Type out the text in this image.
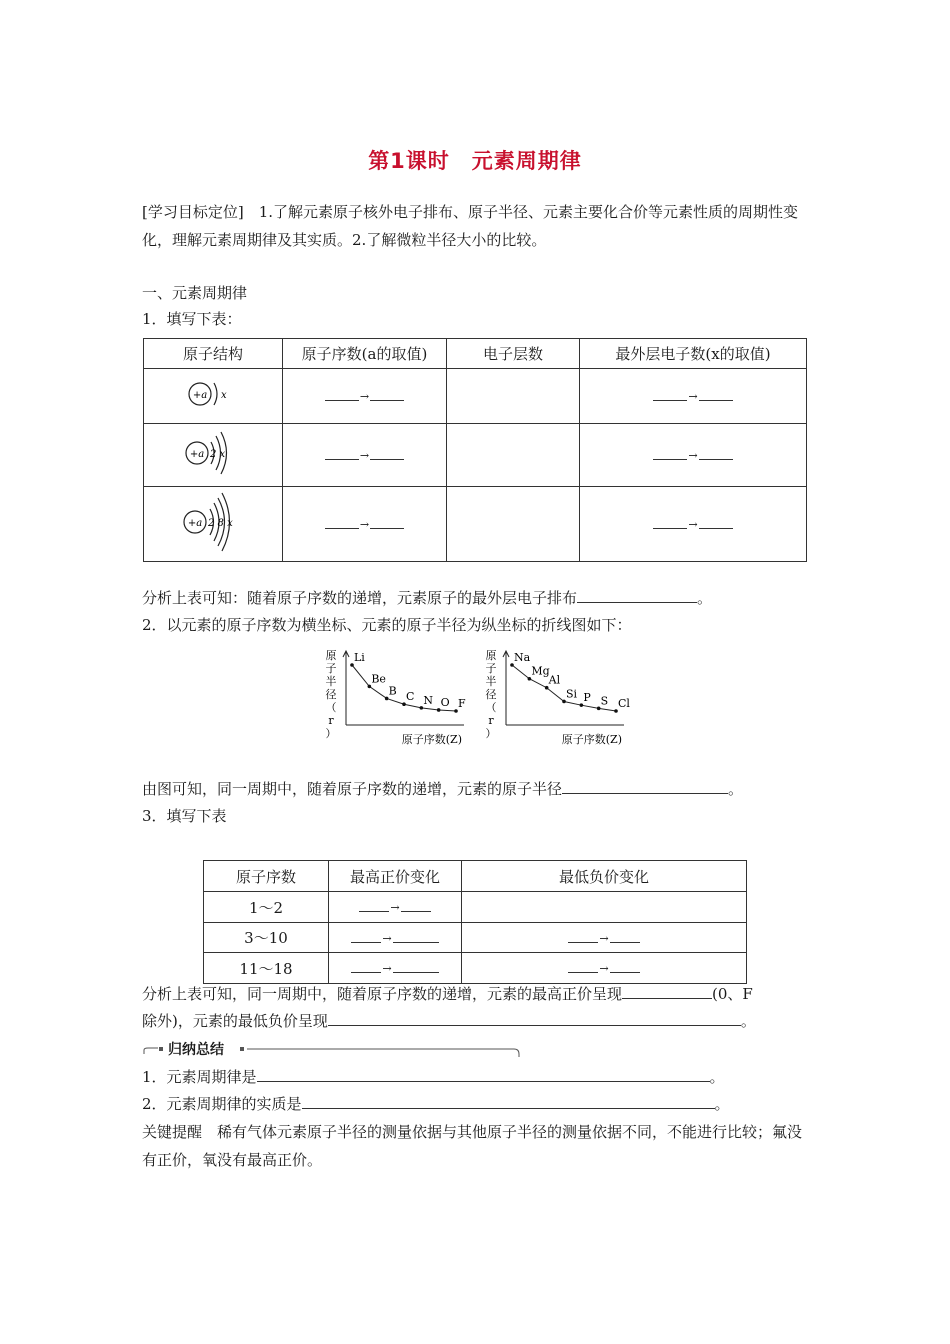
第1课时　元素周期律
[学习目标定位]　 1.了解元素原子核外电子排布、原子半径、元素主要化合价等元素性质的周期性变化，理解元素周期律及其实质。2.了解微粒半径大小的比较。
一、元素周期律
1．填写下表：
原子结构	原子序数(a的取值)	电子层数	最外层电子数(x的取值)

+a x	→		→

+a 2 x	→		→

+a 2 8 x	→		→
分析上表可知：随着原子序数的递增，元素原子的最外层电子排布	。
2．以元素的原子序数为横坐标、元素的原子半径为纵坐标的折线图如下：
原
子
半
径
（
r
）	原子序数(Z)
Li
Be
B C N O F
原
子
半
径
（
r
）	原子序数(Z)
Na
Mg
Al
Si P S Cl
由图可知，同一周期中，随着原子序数的递增，元素的原子半径	。
3．填写下表
原子序数	最高正价变化	最低负价变化
1～2	→	

3～10	→	→

11～18	→	→
分析上表可知，同一周期中，随着原子序数的递增，元素的最高正价呈现	(0、F
除外)，元素的最低负价呈现	。
归纳总结
1．元素周期律是	。
2．元素周期律的实质是	。
关键提醒　 稀有气体元素原子半径的测量依据与其他原子半径的测量依据不同，不能进行比较；氟没有正价，氧没有最高正价。
